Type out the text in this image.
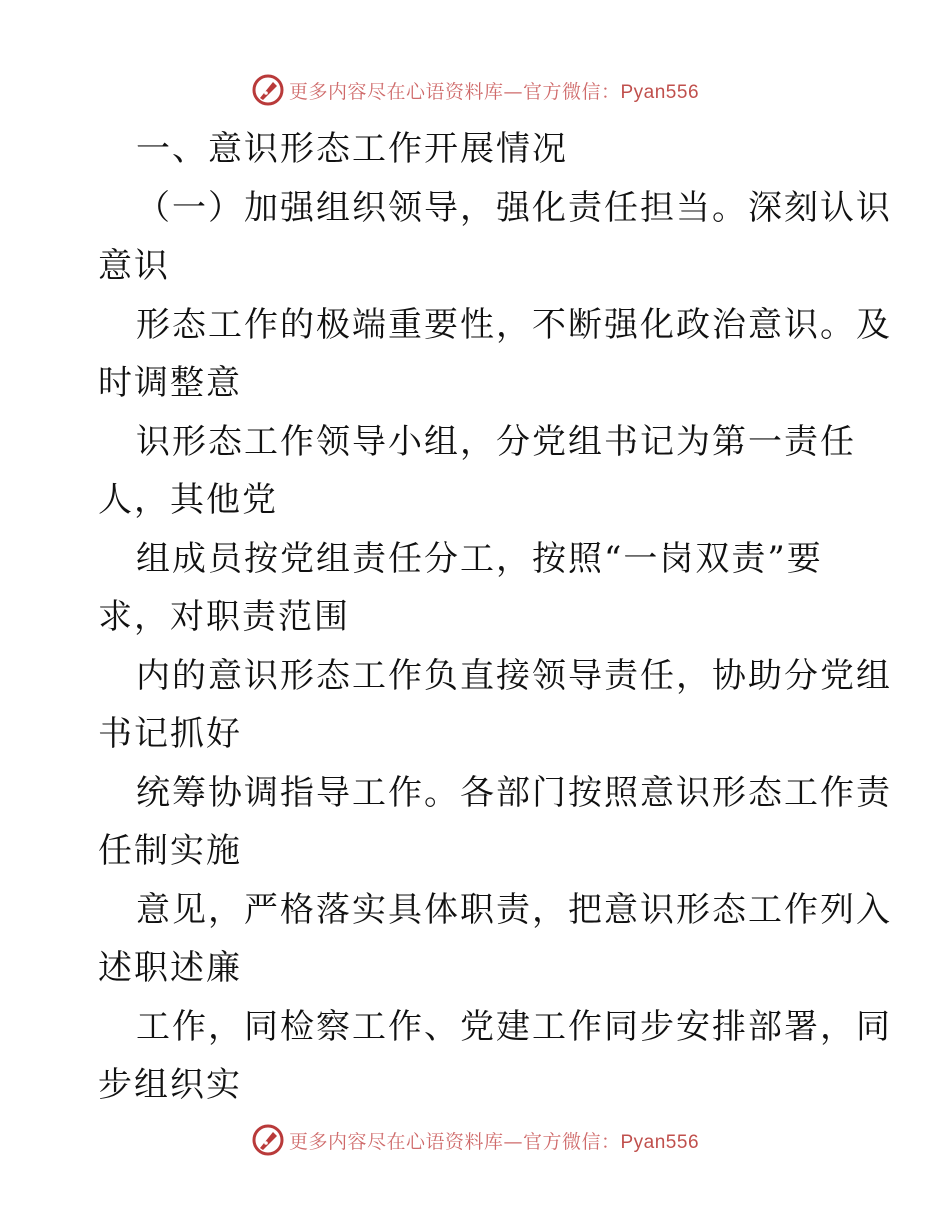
更多内容尽在心语资料库—官方微信：Pyan556
一、意识形态工作开展情况
（一）加强组织领导，强化责任担当。深刻认识
意识
形态工作的极端重要性，不断强化政治意识。及
时调整意
识形态工作领导小组，分党组书记为第一责任
人，其他党
组成员按党组责任分工，按照“一岗双责”要
求，对职责范围
内的意识形态工作负直接领导责任，协助分党组
书记抓好
统筹协调指导工作。各部门按照意识形态工作责
任制实施
意见，严格落实具体职责，把意识形态工作列入
述职述廉
工作，同检察工作、党建工作同步安排部署，同
步组织实
更多内容尽在心语资料库—官方微信：Pyan556
